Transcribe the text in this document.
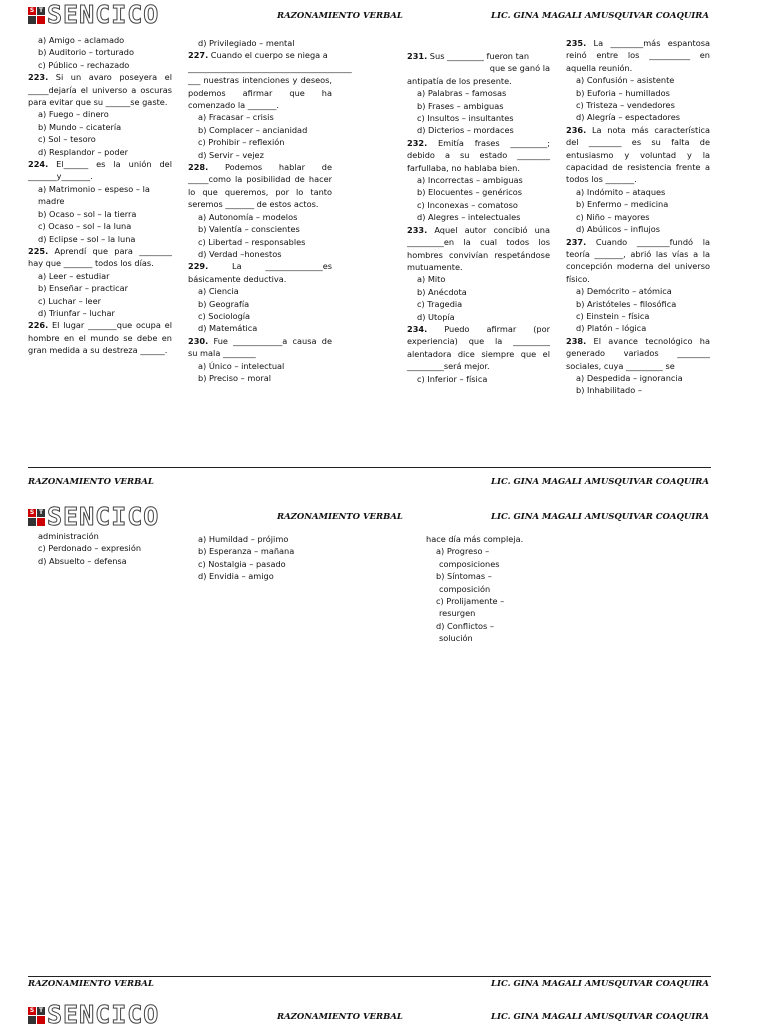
S T SENCICO	RAZONAMIENTO VERBAL	LIC. GINA MAGALI AMUSQUIVAR COAQUIRA

a) Amigo – aclamado

b) Auditorio – torturado

c) Público – rechazado

223. Si un avaro poseyera el _____dejaría el universo a oscuras para evitar que su ______se gaste.

a) Fuego – dinero

b) Mundo – cicatería

c) Sol – tesoro

d) Resplandor – poder

224. El______ es la unión del _______y_______.

a) Matrimonio – espeso – la madre

b) Ocaso – sol – la tierra

c) Ocaso – sol – la luna

d) Eclipse – sol – la luna

225. Aprendí que para ________ hay que _______ todos los días.

a) Leer – estudiar

b) Enseñar – practicar

c) Luchar – leer

d) Triunfar – luchar

226. El lugar _______que ocupa el hombre en el mundo se debe en gran medida a su destreza ______.

d) Privilegiado – mental

227. Cuando el cuerpo se niega a

________________________________________

___ nuestras intenciones y deseos, podemos afirmar que ha comenzado la _______.

a) Fracasar – crisis

b) Complacer – ancianidad

c) Prohibir – reflexión

d) Servir – vejez

228. Podemos hablar de _____como la posibilidad de hacer lo que queremos, por lo tanto seremos _______ de estos actos.

a) Autonomía – modelos

b) Valentía – conscientes

c) Libertad – responsables

d) Verdad –honestos

229. La ______________es básicamente deductiva.

a) Ciencia

b) Geografía

c) Sociología

d) Matemática

230. Fue ____________a causa de su mala ________

a) Único – intelectual

b) Preciso – moral

231. Sus _________ fueron tan

que se ganó la

antipatía de los presente.

a) Palabras – famosas

b) Frases – ambiguas

c) Insultos – insultantes

d) Dicterios – mordaces

232. Emitía frases _________; debido a su estado ________ farfullaba, no hablaba bien.

a) Incorrectas – ambiguas

b) Elocuentes – genéricos

c) Inconexas – comatoso

d) Alegres – intelectuales

233. Aquel autor concibió una _________en la cual todos los hombres convivían respetándose mutuamente.

a) Mito

b) Anécdota

c) Tragedia

d) Utopía

234. Puedo afirmar (por experiencia) que la _________ alentadora dice siempre que el _________será mejor.

c) Inferior – física

235. La ________más espantosa reinó entre los __________ en aquella reunión.

a) Confusión – asistente

b) Euforia – humillados

c) Tristeza – vendedores

d) Alegría – espectadores

236. La nota más característica del ________ es su falta de entusiasmo y voluntad y la capacidad de resistencia frente a todos los _______.

a) Indómito – ataques

b) Enfermo – medicina

c) Niño – mayores

d) Abúlicos – influjos

237. Cuando ________fundó la teoría _______, abrió las vías a la concepción moderna del universo físico.

a) Demócrito – atómica

b) Aristóteles – filosófica

c) Einstein – física

d) Platón – lógica

238. El avance tecnológico ha generado variados ________ sociales, cuya _________ se

a) Despedida – ignorancia

b) Inhabilitado –

RAZONAMIENTO VERBAL	LIC. GINA MAGALI AMUSQUIVAR COAQUIRA
S T SENCICO	RAZONAMIENTO VERBAL	LIC. GINA MAGALI AMUSQUIVAR COAQUIRA

administración

c) Perdonado – expresión

d) Absuelto – defensa

a) Humildad – prójimo

b) Esperanza – mañana

c) Nostalgia – pasado

d) Envidia – amigo

hace día más compleja.

a) Progreso –

composiciones

b) Síntomas –

composición

c) Prolijamente –

resurgen

d) Conflictos –

solución

RAZONAMIENTO VERBAL	LIC. GINA MAGALI AMUSQUIVAR COAQUIRA
S T SENCICO	RAZONAMIENTO VERBAL	LIC. GINA MAGALI AMUSQUIVAR COAQUIRA
